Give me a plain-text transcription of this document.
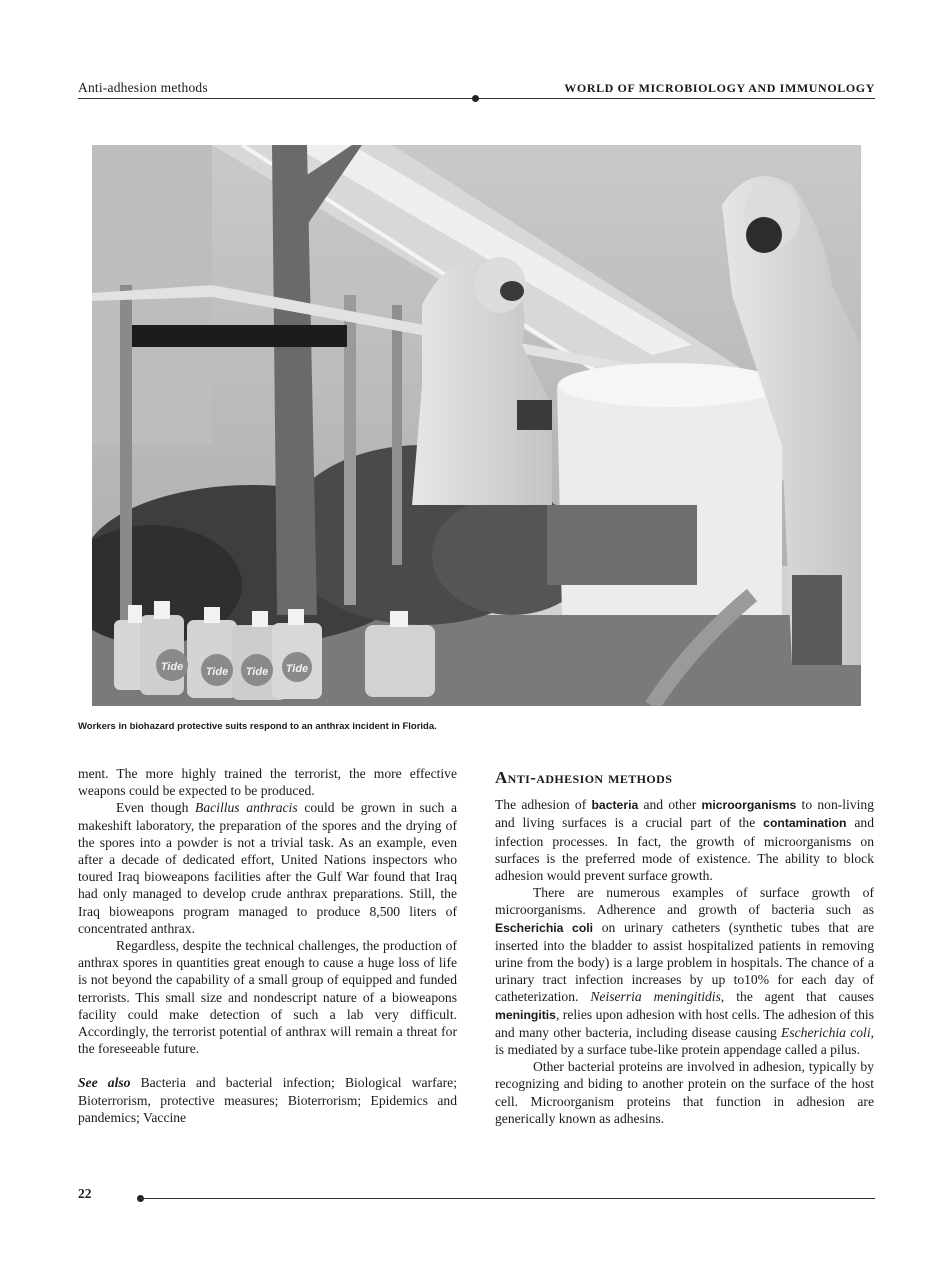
Anti-adhesion methods	WORLD OF MICROBIOLOGY AND IMMUNOLOGY
Tide Tide Tide Tide
Workers in biohazard protective suits respond to an anthrax incident in Florida.

ment. The more highly trained the terrorist, the more effective weapons could be expected to be produced.

Even though Bacillus anthracis could be grown in such a makeshift laboratory, the preparation of the spores and the drying of the spores into a powder is not a trivial task. As an example, even after a decade of dedicated effort, United Nations inspectors who toured Iraq bioweapons facilities after the Gulf War found that Iraq had only managed to develop crude anthrax preparations. Still, the Iraq bioweapons program managed to produce 8,500 liters of concentrated anthrax.

Regardless, despite the technical challenges, the production of anthrax spores in quantities great enough to cause a huge loss of life is not beyond the capability of a small group of equipped and funded terrorists. This small size and nondescript nature of a bioweapons facility could make detection of such a lab very difficult. Accordingly, the terrorist potential of anthrax will remain a threat for the foreseeable future.

See also Bacteria and bacterial infection; Biological warfare; Bioterrorism, protective measures; Bioterrorism; Epidemics and pandemics; Vaccine

Anti-adhesion methods

The adhesion of bacteria and other microorganisms to non-living and living surfaces is a crucial part of the contamination and infection processes. In fact, the growth of microorganisms on surfaces is the preferred mode of existence. The ability to block adhesion would prevent surface growth.

There are numerous examples of surface growth of microorganisms. Adherence and growth of bacteria such as Escherichia coli on urinary catheters (synthetic tubes that are inserted into the bladder to assist hospitalized patients in removing urine from the body) is a large problem in hospitals. The chance of a urinary tract infection increases by up to10% for each day of catheterization. Neiserria meningitidis, the agent that causes meningitis, relies upon adhesion with host cells. The adhesion of this and many other bacteria, including disease causing Escherichia coli, is mediated by a surface tube-like protein appendage called a pilus.

Other bacterial proteins are involved in adhesion, typically by recognizing and biding to another protein on the surface of the host cell. Microorganism proteins that function in adhesion are generically known as adhesins.

22
